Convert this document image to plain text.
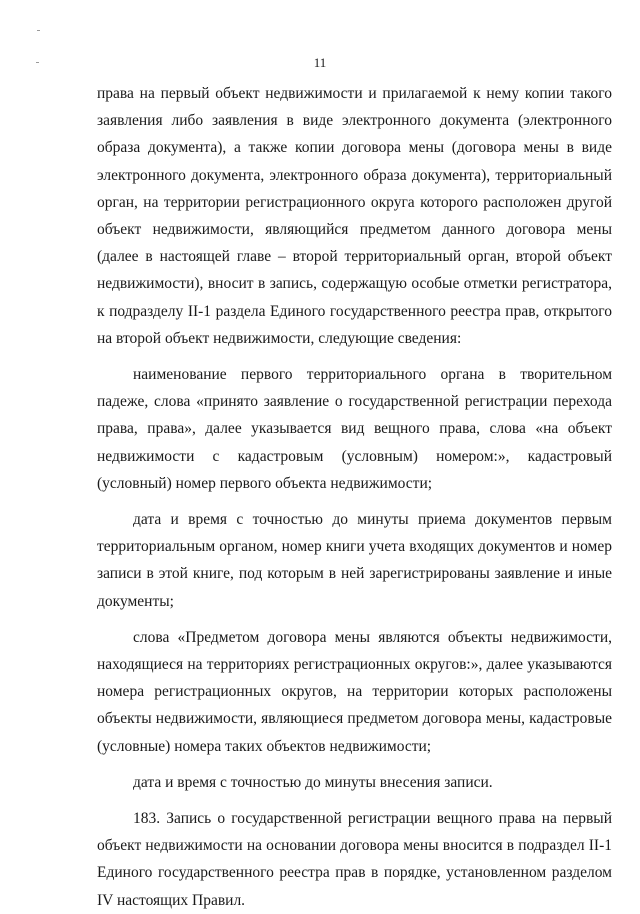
11

права на первый объект недвижимости и прилагаемой к нему копии такого заявления либо заявления в виде электронного документа (электронного образа документа), а также копии договора мены (договора мены в виде электронного документа, электронного образа документа), территориальный орган, на территории регистрационного округа которого расположен другой объект недвижимости, являющийся предметом данного договора мены (далее в настоящей главе – второй территориальный орган, второй объект недвижимости), вносит в запись, содержащую особые отметки регистратора, к подразделу II-1 раздела Единого государственного реестра прав, открытого на второй объект недвижимости, следующие сведения:

наименование первого территориального органа в творительном падеже, слова «принято заявление о государственной регистрации перехода права, права», далее указывается вид вещного права, слова «на объект недвижимости с кадастровым (условным) номером:», кадастровый (условный) номер первого объекта недвижимости;

дата и время с точностью до минуты приема документов первым территориальным органом, номер книги учета входящих документов и номер записи в этой книге, под которым в ней зарегистрированы заявление и иные документы;

слова «Предметом договора мены являются объекты недвижимости, находящиеся на территориях регистрационных округов:», далее указываются номера регистрационных округов, на территории которых расположены объекты недвижимости, являющиеся предметом договора мены, кадастровые (условные) номера таких объектов недвижимости;

дата и время с точностью до минуты внесения записи.

183. Запись о государственной регистрации вещного права на первый объект недвижимости на основании договора мены вносится в подраздел II-1 Единого государственного реестра прав в порядке, установленном разделом IV настоящих Правил.
